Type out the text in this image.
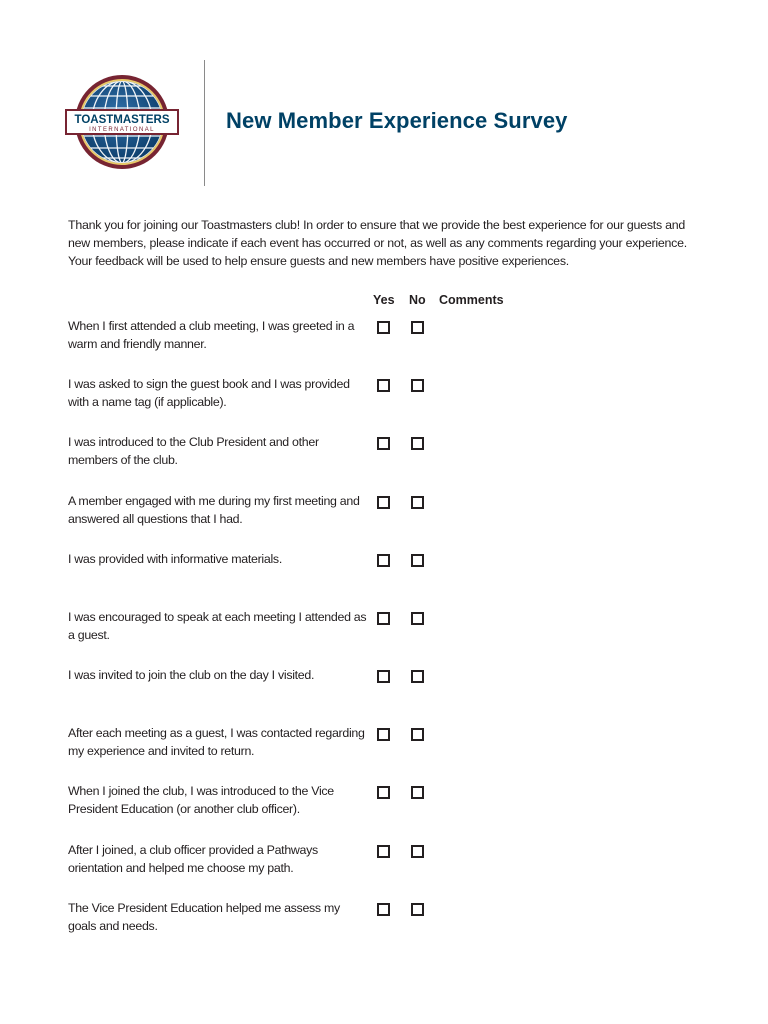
TOASTMASTERS
INTERNATIONAL	New Member Experience Survey
Thank you for joining our Toastmasters club! In order to ensure that we provide the best experience for our guests and new members, please indicate if each event has occurred or not, as well as any comments regarding your experience. Your feedback will be used to help ensure guests and new members have positive experiences.
Yes No Comments
When I first attended a club meeting, I was greeted in a warm and friendly manner.
I was asked to sign the guest book and I was provided with a name tag (if applicable).
I was introduced to the Club President and other members of the club.
A member engaged with me during my first meeting and answered all questions that I had.
I was provided with informative materials.
I was encouraged to speak at each meeting I attended as a guest.
I was invited to join the club on the day I visited.
After each meeting as a guest, I was contacted regarding my experience and invited to return.
When I joined the club, I was introduced to the Vice President Education (or another club officer).
After I joined, a club officer provided a Pathways orientation and helped me choose my path.
The Vice President Education helped me assess my goals and needs.
